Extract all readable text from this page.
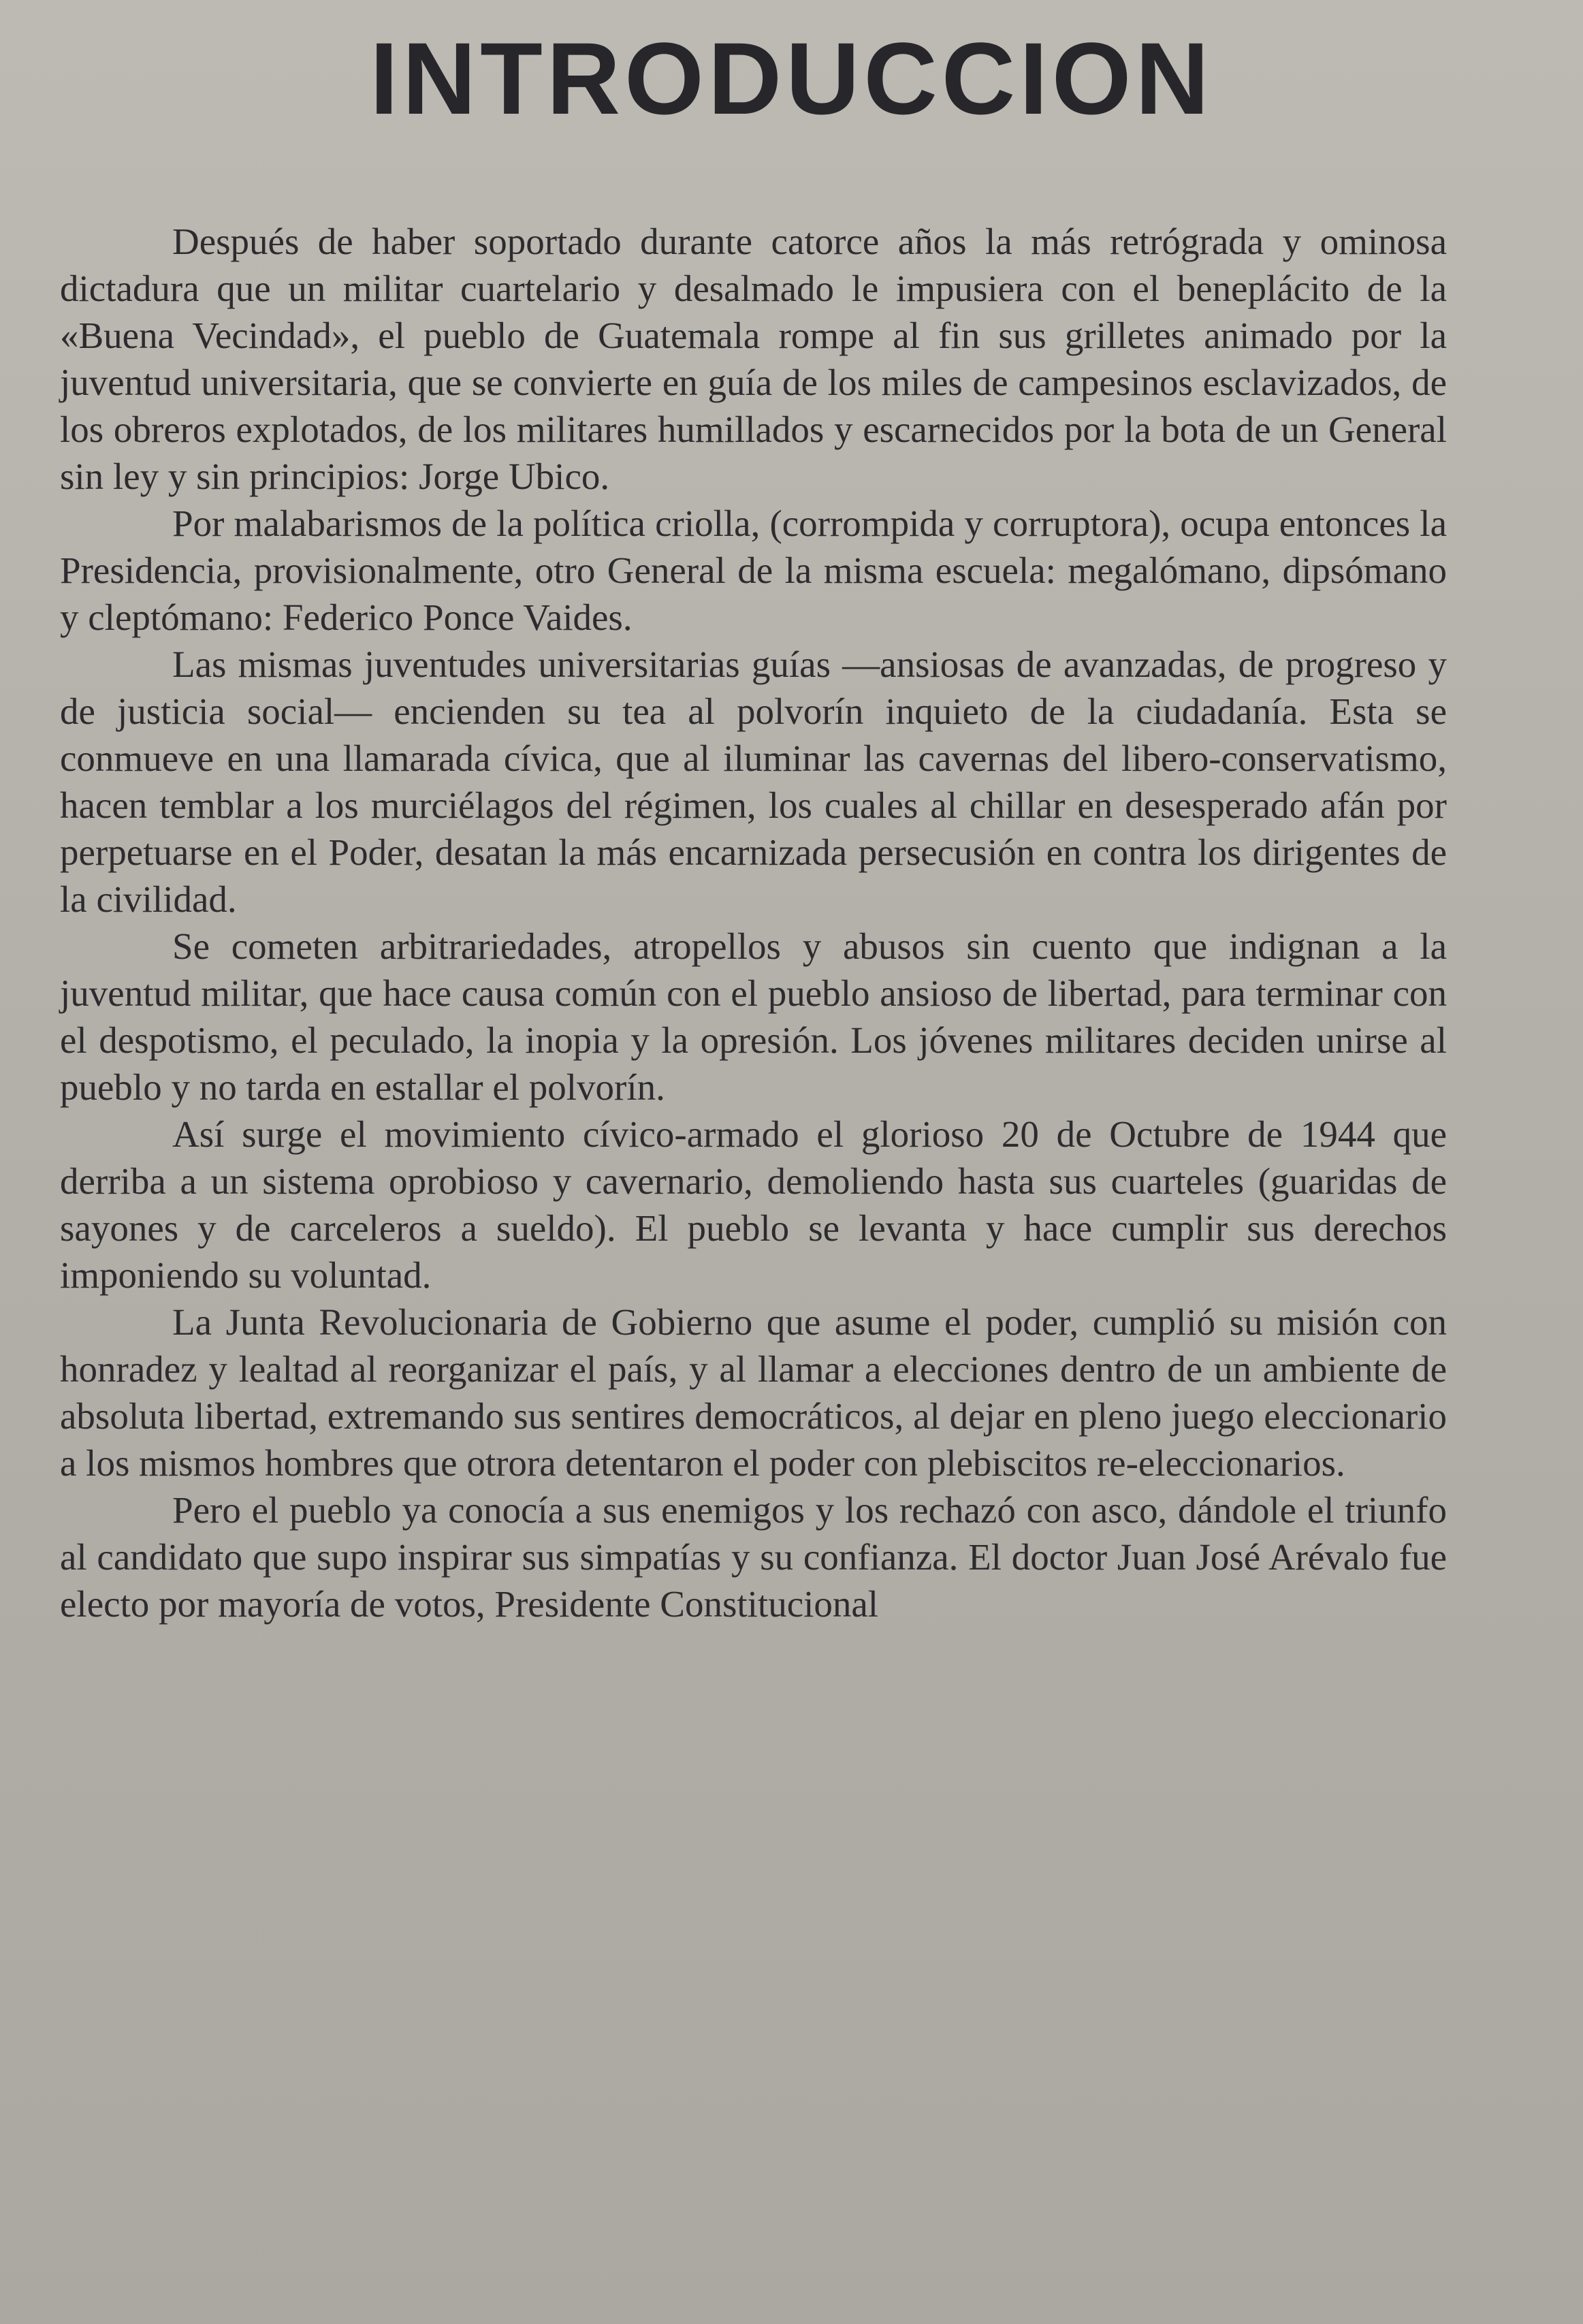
INTRODUCCION

Después de haber soportado durante catorce años la más retrógrada y ominosa dictadura que un militar cuartelario y desalmado le impusiera con el beneplácito de la «Buena Vecindad», el pueblo de Guatemala rompe al fin sus grilletes animado por la juventud universitaria, que se convierte en guía de los miles de campesinos esclavizados, de los obreros explotados, de los militares humillados y escarnecidos por la bota de un General sin ley y sin principios: Jorge Ubico.

Por malabarismos de la política criolla, (corrompida y corruptora), ocupa entonces la Presidencia, provisionalmente, otro General de la misma escuela: megalómano, dipsómano y cleptómano: Federico Ponce Vaides.

Las mismas juventudes universitarias guías —ansiosas de avanzadas, de progreso y de justicia social— encienden su tea al polvorín inquieto de la ciudadanía. Esta se conmueve en una llamarada cívica, que al iluminar las cavernas del libero-conservatismo, hacen temblar a los murciélagos del régimen, los cuales al chillar en desesperado afán por perpetuarse en el Poder, desatan la más encarnizada persecusión en contra los dirigentes de la civilidad.

Se cometen arbitrariedades, atropellos y abusos sin cuento que indignan a la juventud militar, que hace causa común con el pueblo ansioso de libertad, para terminar con el despotismo, el peculado, la inopia y la opresión. Los jóvenes militares deciden unirse al pueblo y no tarda en estallar el polvorín.

Así surge el movimiento cívico-armado el glorioso 20 de Octubre de 1944 que derriba a un sistema oprobioso y cavernario, demoliendo hasta sus cuarteles (guaridas de sayones y de carceleros a sueldo). El pueblo se levanta y hace cumplir sus derechos imponiendo su voluntad.

La Junta Revolucionaria de Gobierno que asume el poder, cumplió su misión con honradez y lealtad al reorganizar el país, y al llamar a elecciones dentro de un ambiente de absoluta libertad, extremando sus sentires democráticos, al dejar en pleno juego eleccionario a los mismos hombres que otrora detentaron el poder con plebiscitos re-eleccionarios.

Pero el pueblo ya conocía a sus enemigos y los rechazó con asco, dándole el triunfo al candidato que supo inspirar sus simpatías y su confianza. El doctor Juan José Arévalo fue electo por mayoría de votos, Presidente Constitucional
